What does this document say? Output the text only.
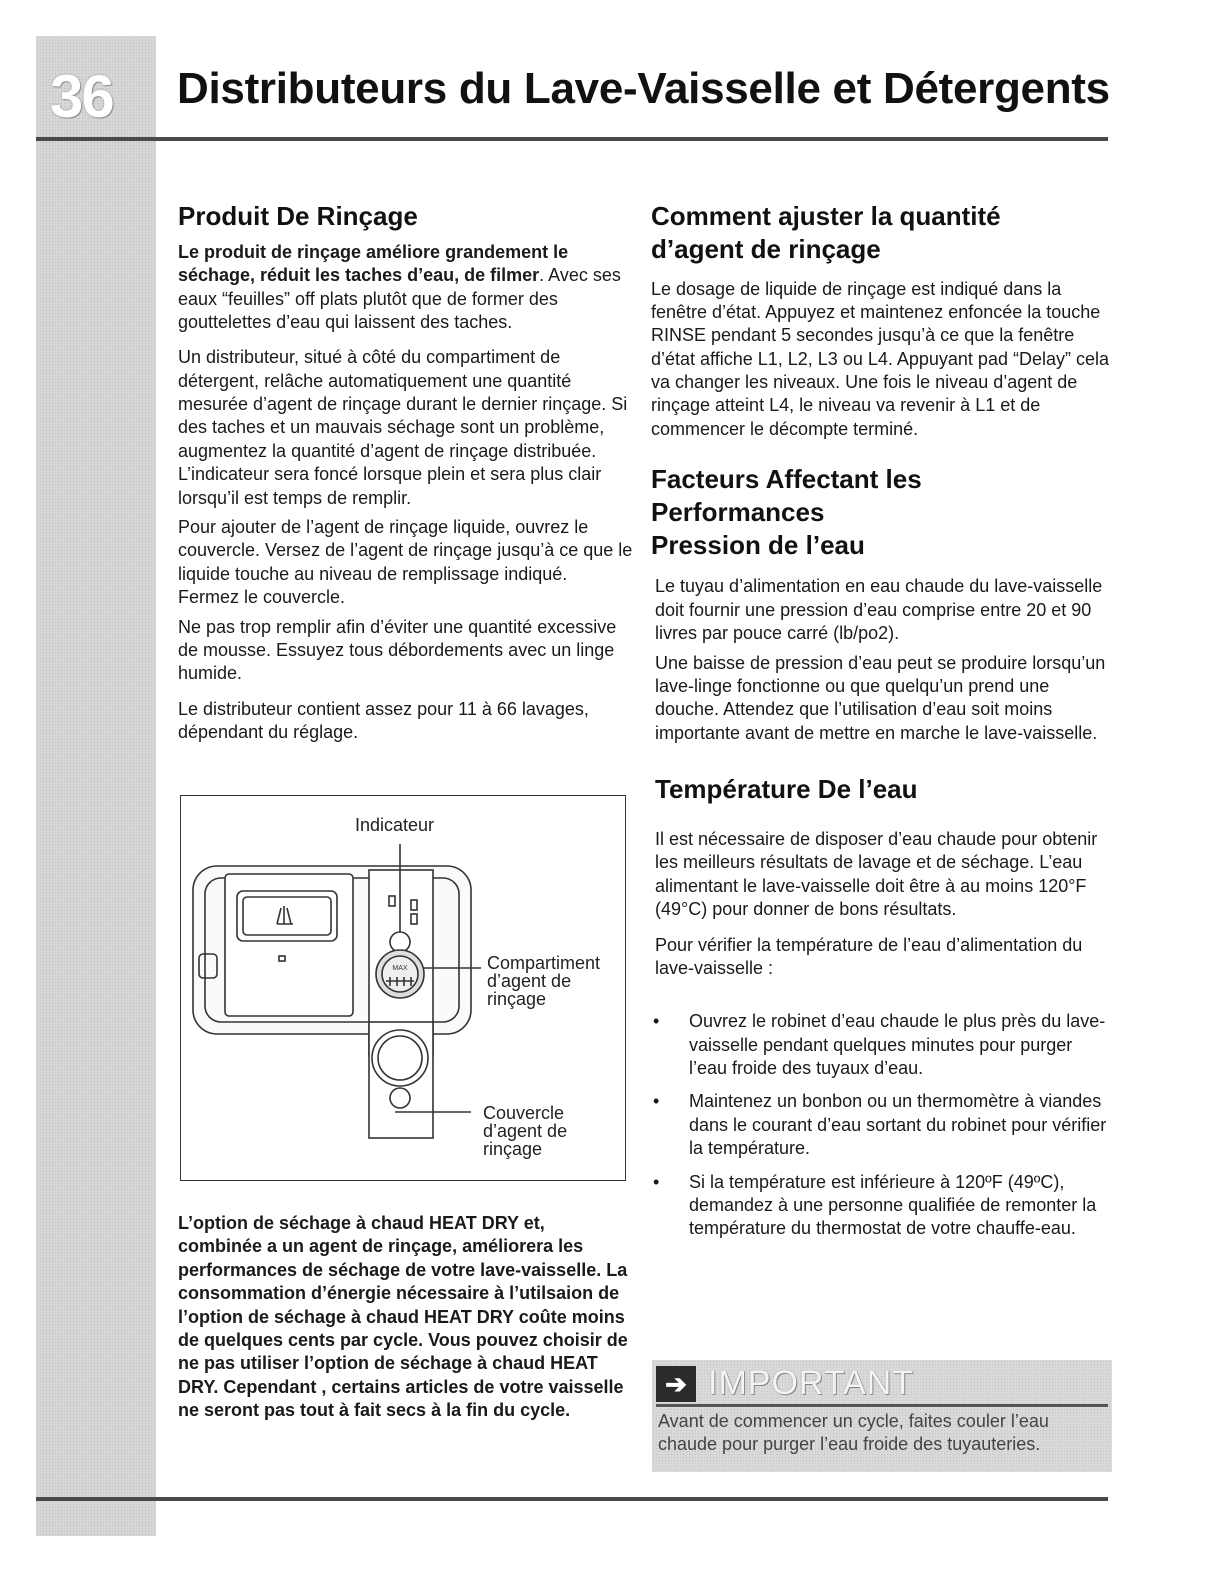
36 Distributeurs du Lave-Vaisselle et Détergents
Produit De Rinçage

Le produit de rinçage améliore grandement le séchage, réduit les taches d’eau, de filmer. Avec ses eaux “feuilles” off plats plutôt que de former des gouttelettes d’eau qui laissent des taches.

Un distributeur, situé à côté du compartiment de détergent, relâche automatiquement une quantité mesurée d’agent de rinçage durant le dernier rinçage. Si des taches et un mauvais séchage sont un problème, augmentez la quantité d’agent de rinçage distribuée. L’indicateur sera foncé lorsque plein et sera plus clair lorsqu’il est temps de remplir.

Pour ajouter de l’agent de rinçage liquide, ouvrez le couvercle. Versez de l’agent de rinçage jusqu’à ce que le liquide touche au niveau de remplissage indiqué. Fermez le couvercle.

Ne pas trop remplir afin d’éviter une quantité excessive de mousse. Essuyez tous débordements avec un linge humide.

Le distributeur contient assez pour 11 à 66 lavages, dépendant du réglage.

MAX
Indicateur
Compartiment d’agent de rinçage
Couvercle d’agent de rinçage

L’option de séchage à chaud HEAT DRY et, combinée a un agent de rinçage, améliorera les performances de séchage de votre lave-vaisselle. La consommation d’énergie nécessaire à l’utilsaion de l’option de séchage à chaud HEAT DRY coûte moins de quelques cents par cycle. Vous pouvez choisir de ne pas utiliser l’option de séchage à chaud HEAT DRY. Cependant , certains articles de votre vaisselle ne seront pas tout à fait secs à la fin du cycle.

Comment ajuster la quantité d’agent de rinçage

Le dosage de liquide de rinçage est indiqué dans la fenêtre d’état. Appuyez et maintenez enfoncée la touche RINSE pendant 5 secondes jusqu’à ce que la fenêtre d’état affiche L1, L2, L3 ou L4. Appuyant pad “Delay” cela va changer les niveaux. Une fois le niveau d’agent de rinçage atteint L4, le niveau va revenir à L1 et de commencer le décompte terminé.

Facteurs Affectant les Performances
Pression de l’eau

Le tuyau d’alimentation en eau chaude du lave-vaisselle doit fournir une pression d’eau comprise entre 20 et 90 livres par pouce carré (lb/po2).

Une baisse de pression d’eau peut se produire lorsqu’un lave-linge fonctionne ou que quelqu’un prend une douche. Attendez que l’utilisation d’eau soit moins importante avant de mettre en marche le lave-vaisselle.

Température De l’eau

Il est nécessaire de disposer d’eau chaude pour obtenir les meilleurs résultats de lavage et de séchage. L’eau alimentant le lave-vaisselle doit être à au moins 120°F (49°C) pour donner de bons résultats.

Pour vérifier la température de l’eau d’alimentation du lave-vaisselle :

• Ouvrez le robinet d’eau chaude le plus près du lave-vaisselle pendant quelques minutes pour purger l’eau froide des tuyaux d’eau.
• Maintenez un bonbon ou un thermomètre à viandes dans le courant d’eau sortant du robinet pour vérifier la température.
• Si la température est inférieure à 120ºF (49ºC), demandez à une personne qualifiée de remonter la température du thermostat de votre chauffe-eau.
➔ IMPORTANT
Avant de commencer un cycle, faites couler l’eau chaude pour purger l’eau froide des tuyauteries.
